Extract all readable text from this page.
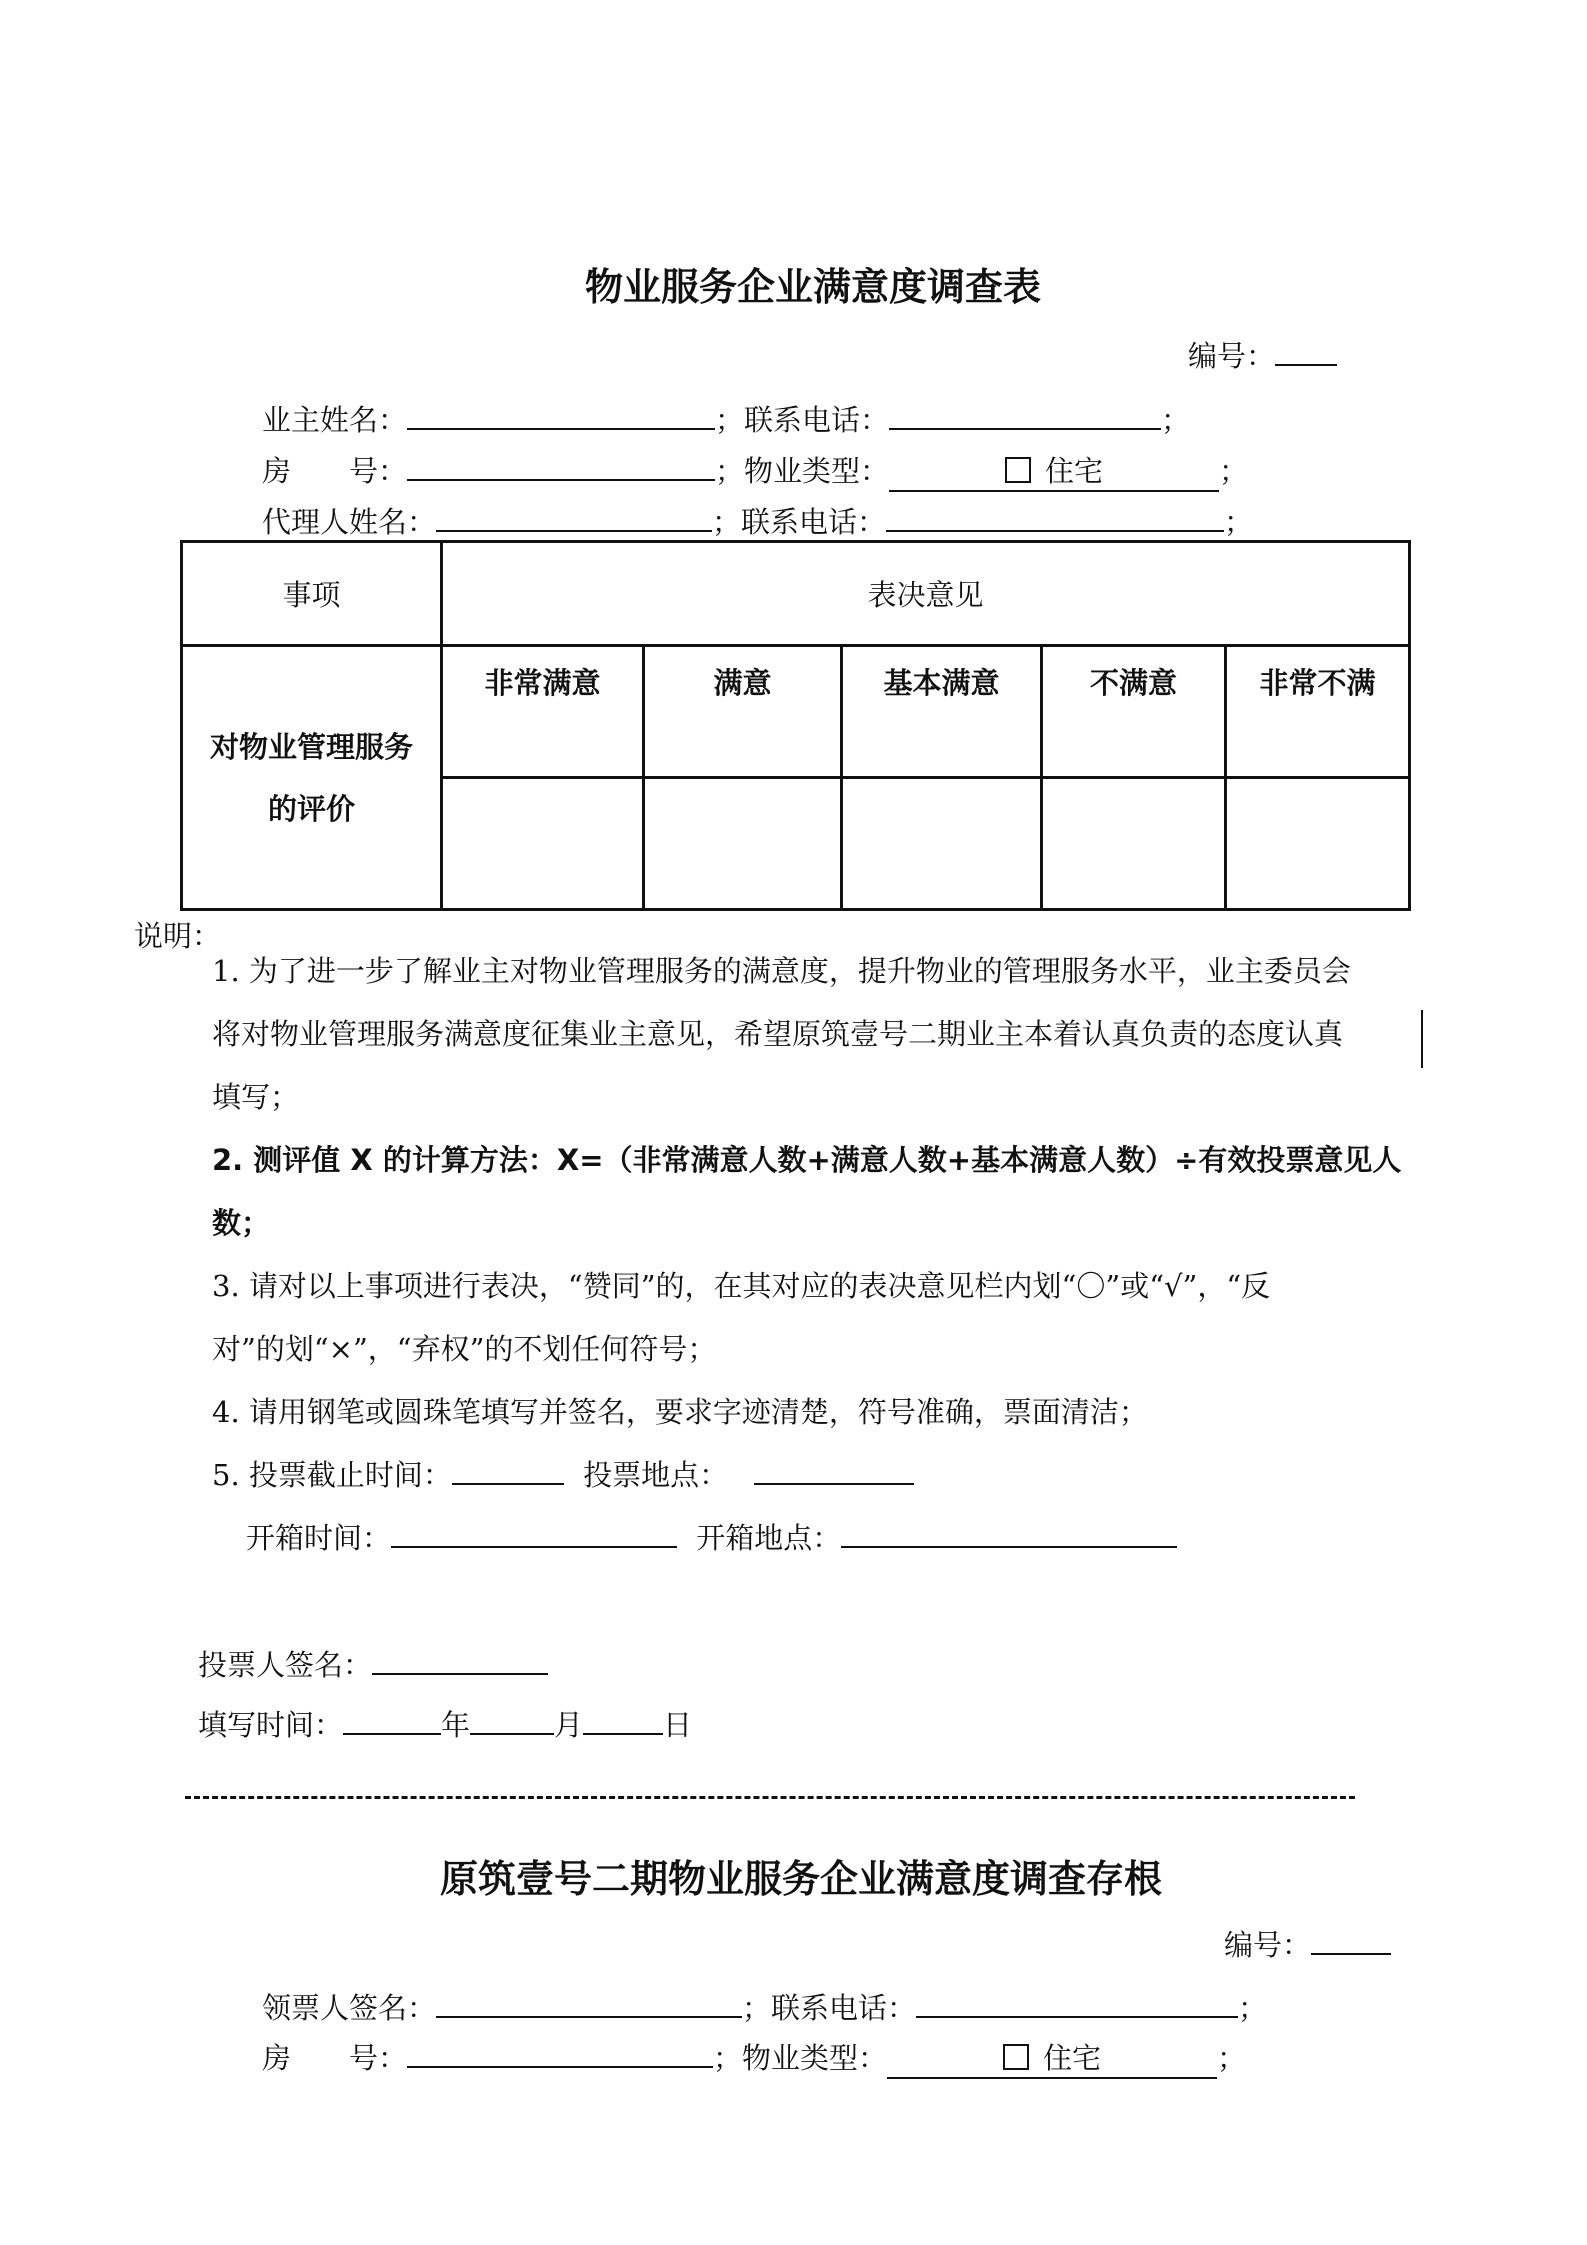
物业服务企业满意度调查表
编号：
业主姓名：	；联系电话：	；
房　　号：	；物业类型：	住宅	；
代理人姓名：	；联系电话：	；
事项	表决意见				

对物业管理服务
的评价	非常满意	满意	基本满意	不满意	非常不满

说明：
1. 为了进一步了解业主对物业管理服务的满意度，提升物业的管理服务水平，业主委员会
将对物业管理服务满意度征集业主意见，希望原筑壹号二期业主本着认真负责的态度认真
填写；
2. 测评值 X 的计算方法：X=（非常满意人数+满意人数+基本满意人数）÷有效投票意见人
数；
3. 请对以上事项进行表决，“赞同”的，在其对应的表决意见栏内划“〇”或“√”，“反
对”的划“×”，“弃权”的不划任何符号；
4. 请用钢笔或圆珠笔填写并签名，要求字迹清楚，符号准确，票面清洁；
5. 投票截止时间：	投票地点：
开箱时间：	开箱地点：
投票人签名：
填写时间：	年	月	日
原筑壹号二期物业服务企业满意度调查存根
编号：
领票人签名：	；联系电话：	；
房　　号：	；物业类型：	住宅	；
